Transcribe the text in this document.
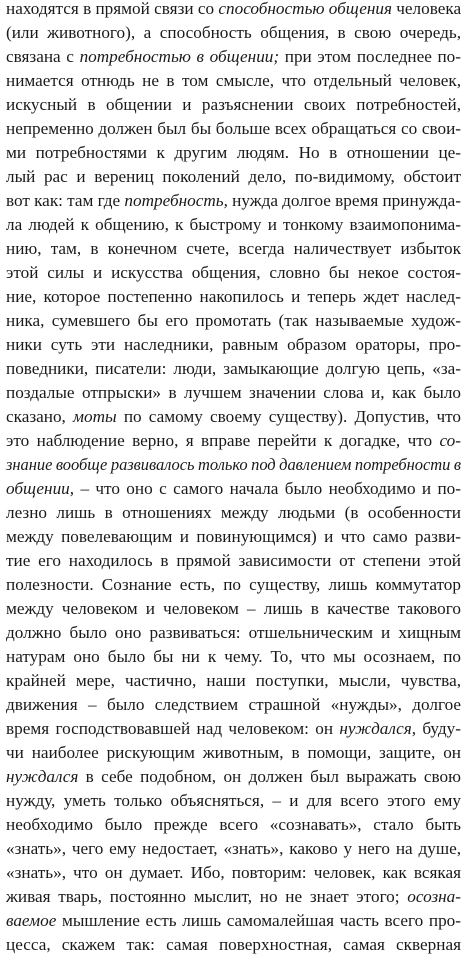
находятся в прямой связи со способностью общения человека
(или животного), а способность общения, в свою очередь,
связана с потребностью в общении; при этом последнее по-
нимается отнюдь не в том смысле, что отдельный человек,
искусный в общении и разъяснении своих потребностей,
непременно должен был бы больше всех обращаться со свои-
ми потребностями к другим людям. Но в отношении це-
лый рас и верениц поколений дело, по-видимому, обстоит
вот как: там где потребность, нужда долгое время принужда-
ла людей к общению, к быстрому и тонкому взаимопонима-
нию, там, в конечном счете, всегда наличествует избыток
этой силы и искусства общения, словно бы некое состоя-
ние, которое постепенно накопилось и теперь ждет наслед-
ника, сумевшего бы его промотать (так называемые худож-
ники суть эти наследники, равным образом ораторы, про-
поведники, писатели: люди, замыкающие долгую цепь, «за-
поздалые отпрыски» в лучшем значении слова и, как было
сказано, моты по самому своему существу). Допустив, что
это наблюдение верно, я вправе перейти к догадке, что со-
знание вообще развивалось только под давлением потребности в
общении, – что оно с самого начала было необходимо и по-
лезно лишь в отношениях между людьми (в особенности
между повелевающим и повинующимся) и что само разви-
тие его находилось в прямой зависимости от степени этой
полезности. Сознание есть, по существу, лишь коммутатор
между человеком и человеком – лишь в качестве такового
должно было оно развиваться: отшельническим и хищным
натурам оно было бы ни к чему. То, что мы осознаем, по
крайней мере, частично, наши поступки, мысли, чувства,
движения – было следствием страшной «нужды», долгое
время господствовавшей над человеком: он нуждался, буду-
чи наиболее рискующим животным, в помощи, защите, он
нуждался в себе подобном, он должен был выражать свою
нужду, уметь только объясняться, – и для всего этого ему
необходимо было прежде всего «сознавать», стало быть
«знать», чего ему недостает, «знать», каково у него на душе,
«знать», что он думает. Ибо, повторим: человек, как всякая
живая тварь, постоянно мыслит, но не знает этого; осозна-
ваемое мышление есть лишь самомалейшая часть всего про-
цесса, скажем так: самая поверхностная, самая скверная
